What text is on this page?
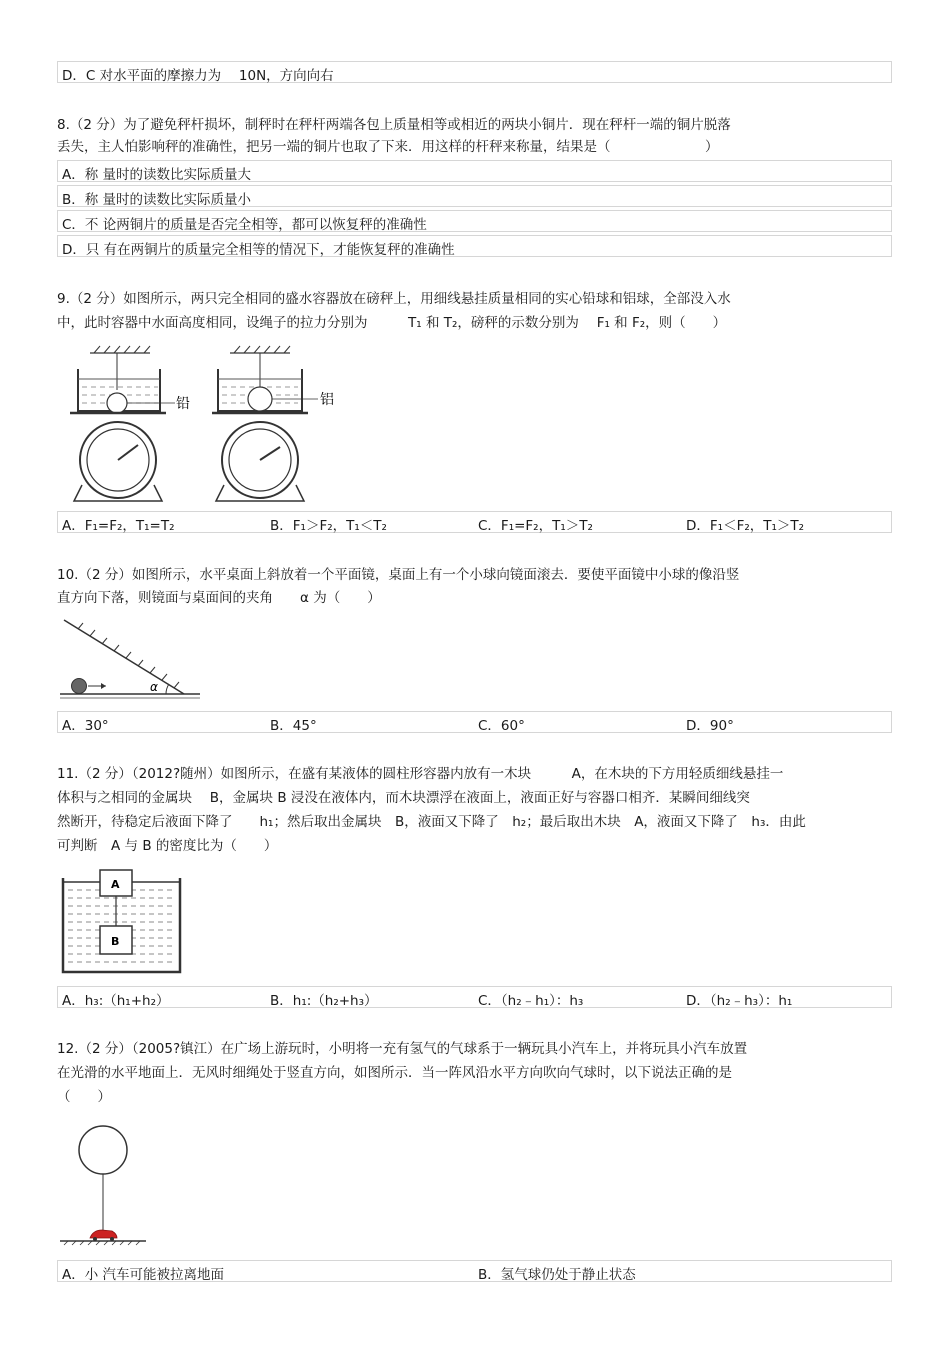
D．C 对水平面的摩擦力为　 10N，方向向右
8.（2 分）为了避免秤杆损坏，制秤时在秤杆两端各包上质量相等或相近的两块小铜片．现在秤杆一端的铜片脱落
丢失，主人怕影响秤的准确性，把另一端的铜片也取了下来．用这样的杆秤来称量，结果是（　　　　　　　）
A．称 量时的读数比实际质量大
B．称 量时的读数比实际质量小
C．不 论两铜片的质量是否完全相等，都可以恢复秤的准确性
D．只 有在两铜片的质量完全相等的情况下，才能恢复秤的准确性
9.（2 分）如图所示，两只完全相同的盛水容器放在磅秤上，用细线悬挂质量相同的实心铅球和铝球，全部没入水
中，此时容器中水面高度相同，设绳子的拉力分别为　　　T₁ 和 T₂，磅秤的示数分别为　 F₁ 和 F₂，则（　　）
铅	铝
A．F₁=F₂，T₁=T₂	B．F₁＞F₂，T₁＜T₂	C．F₁=F₂，T₁＞T₂	D．F₁＜F₂，T₁＞T₂
10.（2 分）如图所示，水平桌面上斜放着一个平面镜，桌面上有一个小球向镜面滚去．要使平面镜中小球的像沿竖
直方向下落，则镜面与桌面间的夹角　　α 为（　　）
α
A．30°	B．45°	C．60°	D．90°
11.（2 分）（2012?随州）如图所示，在盛有某液体的圆柱形容器内放有一木块　　　A，在木块的下方用轻质细线悬挂一
体积与之相同的金属块　 B，金属块 B 浸没在液体内，而木块漂浮在液面上，液面正好与容器口相齐．某瞬间细线突
然断开，待稳定后液面下降了　　h₁；然后取出金属块　B，液面又下降了　h₂；最后取出木块　A，液面又下降了　h₃．由此
可判断　A 与 B 的密度比为（　　）
A
B
A．h₃:（h₁+h₂）	B．h₁:（h₂+h₃）	C．（h₂﹣h₁）：h₃	D．（h₂﹣h₃）：h₁
12.（2 分）（2005?镇江）在广场上游玩时，小明将一充有氢气的气球系于一辆玩具小汽车上，并将玩具小汽车放置
在光滑的水平地面上．无风时细绳处于竖直方向，如图所示．当一阵风沿水平方向吹向气球时，以下说法正确的是
（　　）
A．小 汽车可能被拉离地面	B．氢气球仍处于静止状态
